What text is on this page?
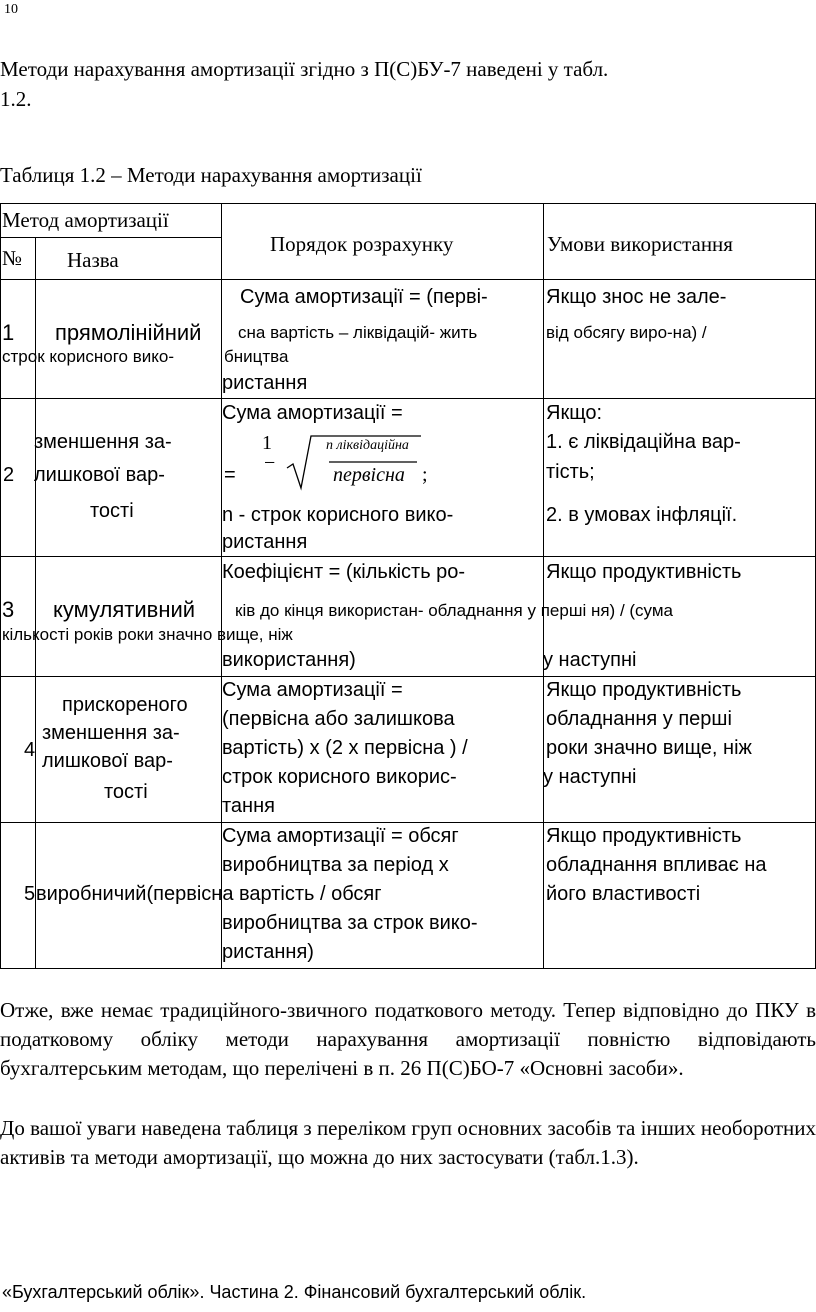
10
Методи нарахування амортизації згідно з П(С)БУ-7 наведені у табл.
1.2.
Таблиця 1.2 – Методи нарахування амортизації
Метод амортизації
№ Назва
Порядок розрахунку	Умови використання
1 прямолінійний
строк корисного вико-
Сума амортизації = (перві-
сна вартість – ліквідацій- жить
бництва
ристання
Якщо знос не зале-
від обсягу виро-на) /
2
зменшення за-
лишкової вар-
тості
Сума амортизації =
n - строк корисного вико-
ристання
1
−
=
n ліквідаційна
первісна ;
Якщо:
1. є ліквідаційна вар-
тість;
2. в умовах інфляції.
3 кумулятивний
кількості років роки значно вище, ніж
Коефіцієнт = (кількість ро-
ків до кінця використан- обладнання у перші ня) / (сума
використання)
Якщо продуктивність
у наступні
4
прискореного
зменшення за-
лишкової вар-
тості
Сума амортизації =
(первісна або залишкова
вартість) х (2 х первісна ) /
строк корисного викорис-
тання
Якщо продуктивність
обладнання у перші
роки значно вище, ніж
у наступні
5 виробничий(первісна вартість / обсяг
Сума амортизації = обсяг
виробництва за період х
виробництва за строк вико-
ристання)
Якщо продуктивність
обладнання впливає на
його властивості
Отже, вже немає традиційного-звичного податкового методу. Тепер відповідно до ПКУ в податковому обліку методи нарахування амортизації повністю відповідають бухгалтерським методам, що перелічені в п. 26 П(С)БО-7 «Основні засоби».
До вашої уваги наведена таблиця з переліком груп основних засобів та інших необоротних активів та методи амортизації, що можна до них застосувати (табл.1.3).
«Бухгалтерський облік». Частина 2. Фінансовий бухгалтерський облік.
